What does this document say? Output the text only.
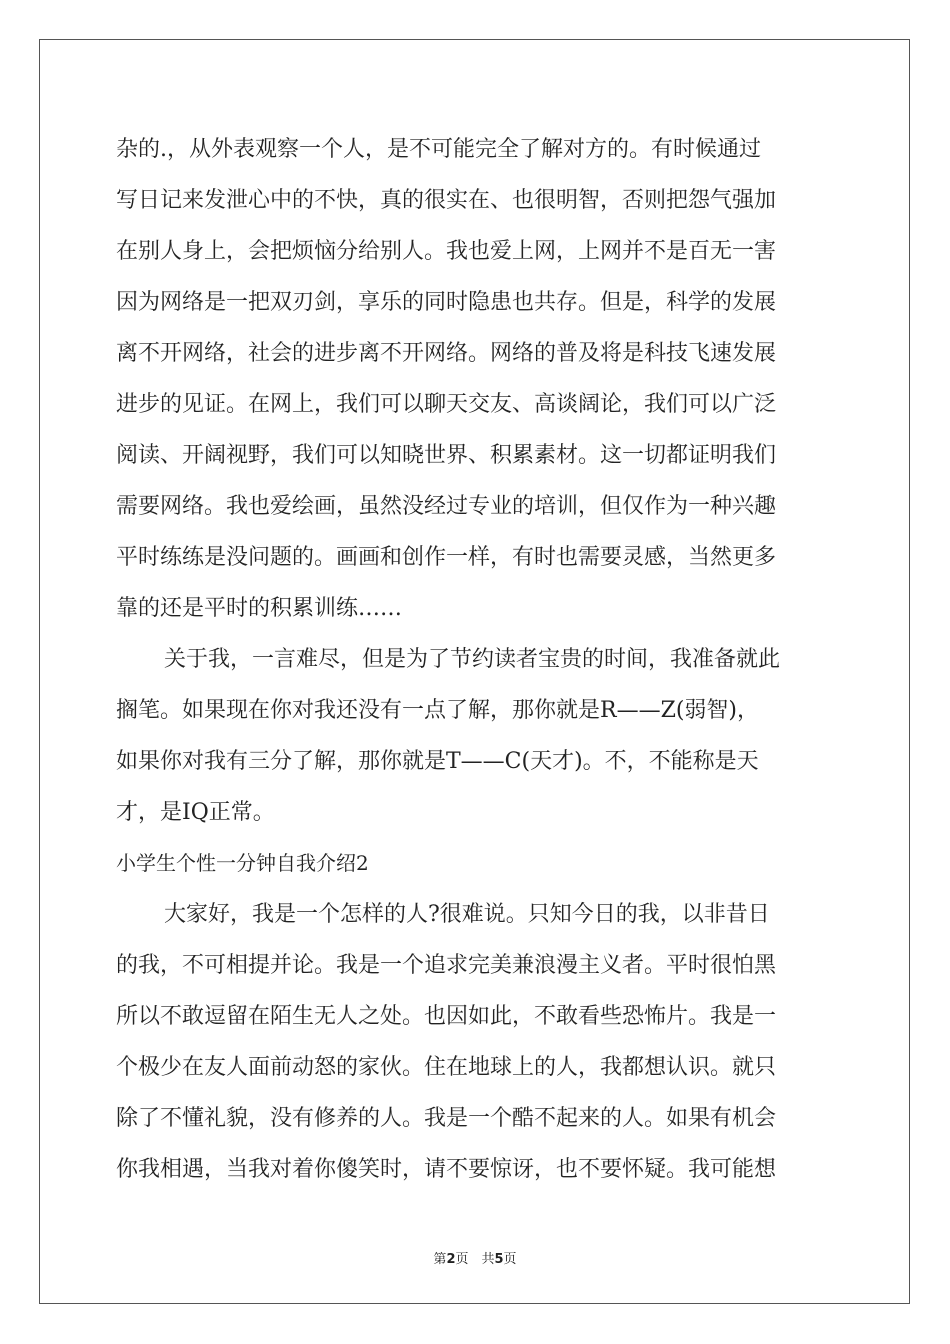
杂的.，从外表观察一个人，是不可能完全了解对方的。有时候通过
写日记来发泄心中的不快，真的很实在、也很明智，否则把怨气强加
在别人身上，会把烦恼分给别人。我也爱上网，上网并不是百无一害
因为网络是一把双刃剑，享乐的同时隐患也共存。但是，科学的发展
离不开网络，社会的进步离不开网络。网络的普及将是科技飞速发展
进步的见证。在网上，我们可以聊天交友、高谈阔论，我们可以广泛
阅读、开阔视野，我们可以知晓世界、积累素材。这一切都证明我们
需要网络。我也爱绘画，虽然没经过专业的培训，但仅作为一种兴趣
平时练练是没问题的。画画和创作一样，有时也需要灵感，当然更多
靠的还是平时的积累训练……
关于我，一言难尽，但是为了节约读者宝贵的时间，我准备就此
搁笔。如果现在你对我还没有一点了解，那你就是R——Z(弱智)，
如果你对我有三分了解，那你就是T——C(天才)。不，不能称是天
才，是IQ正常。
小学生个性一分钟自我介绍2
大家好，我是一个怎样的人?很难说。只知今日的我，以非昔日
的我，不可相提并论。我是一个追求完美兼浪漫主义者。平时很怕黑
所以不敢逗留在陌生无人之处。也因如此，不敢看些恐怖片。我是一
个极少在友人面前动怒的家伙。住在地球上的人，我都想认识。就只
除了不懂礼貌，没有修养的人。我是一个酷不起来的人。如果有机会
你我相遇，当我对着你傻笑时，请不要惊讶，也不要怀疑。我可能想
第2页　共5页
